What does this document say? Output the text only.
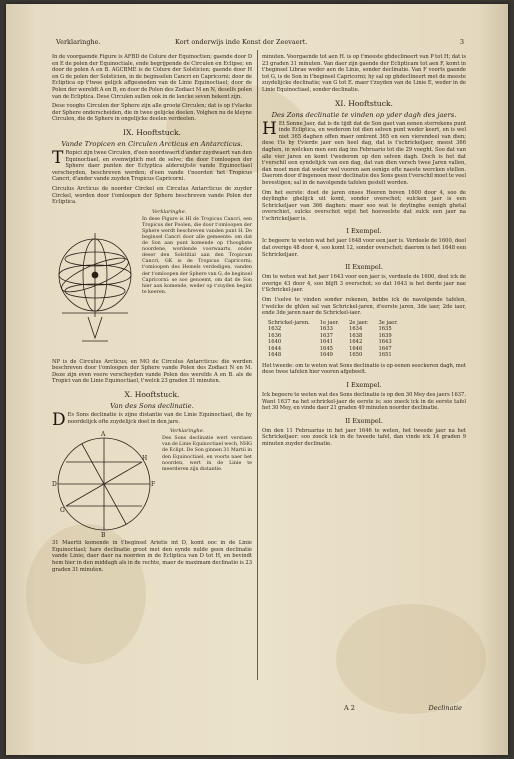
Verklaringhe.	Kort onderwijs inde Konst der Zeevaert.	3

In de voorgaende Figure is AFBD de Colure der Equinoctien; gaende door D en E de polen der Equinoctiale, ende begrijpende de Circulen en Eclipse; en door de polen A en B. AGCBME is de Colure der Solsticien; gaende door H en G de polen der Solsticien, in de beginselen Cancri en Capricorni; door de Ecliptica op t'twee gelijck affgesneden van de Linie Equinoctiael; door de Polen der wereldt A en B, en door de Polen des Zodiaci M en N, deselfs polen van de Ecliptica. Dese Circulen sullen ook in de lancke seven bekent zijn.

Dese vooghs Circulen der Sphere zijn alle groote Circulen; dat is op t'vlacke der Sphere onderscheiden, die in twee gelijcke deelen. Volghen nu de kleyne Circulen, die de Sphere in ongelijcke deelen verdeelen.

IX. Hooftstuck.
Vande Tropicen en Circulen Arcticus en Antarcticus.

T Ropici zijn twee Circulen, d'een noordwaert d'ander zuydwaert van den Equinoctiael, en evenwijdich met de selve; die door t'omloopen der Sphere daer punten der Eclyptica alderuijtste vande Equinoctiael verscheyden, beschreven werden; d'een vande t'noorden het Tropicus Cancri, d'ander vande zuyden Tropicus Capricorni.

Circulus Arcticus de noorder Circkel en Circulus Antarcticus de zuyder Circkel, worden door t'omloopen der Sphere beschreven vande Polen der Ecliptica.

Verklaringhe.

In dese Figure is HI de Tropicus Cancri, een Tropicus der Poolen, die door t'omloopen der Sphere werdt beschreven vanden punt H. De beginsel Cancri door alle gemeente: om dat de Son aan punt komende op t'hooghste noordene, wordende voorwaarts, onder deser den Solstitial aan den Tropicum Cancri, GK is de Tropicus Capricorni; t'omloopen des Hemels verdedigen, vanden der t'omloopen der Sphere van G, de beginsel Capricorni: se soo genoemt, om dat de Son hier aan komende, weder op t'zuyden begint te keeren.

NP is de Circulus Arcticus; en MO de Circulus Antarcticus: die werden beschreven door t'omloopen der Sphere vande Polen des Zodiaci N en M. Deze zijn even veere verscheyden vande Polen des werelds A en B. als de Tropici van de Linie Equinoctiael, t'welck 23 graden 31 minuten.

X. Hooftstuck.
Van des Sons declinatie.

D Es Sons declinatie is zijne distantie van de Linie Equinoctiael, die hy noordelijck ofte zuydelijck doet in den jare.

A
B
D	F
H
G
Verklaringhe.

Des Sons declinatie wert verstaen van de Linie Equinoctiael wech, NHG de Eclipt. De Son ginnen 31 Martii in den Equinoctiael, en voorts naer het noorden, wert in de Linie te meerderen zijn distantie.

31 Maertii komende in t'beginsel Arietis int D, komt ooc in de Linie Equinoctiael; hare declinatie groot met den eynde nulde geen declinatie vande Linie; daer daer na noorden in de Ecliptica van D tot H, en bevindt hem hier in den middagh als in de rechte, maer de maximam declinatio is 23 graden 31 minuten.

minuten. Voorgaende tot aen H. is op t'meeste ghdeclineert van P tot H; dat is 23 graden 31 minuten. Van daer zijn gaende der Eclipticam tot aen F, komt in t'beginsel Librae weder aen de Linie, sonder declinatie. Van F voorts gaende tot G, is de Son in t'beginsel Capricorni; hy sal op ghdeclineert met de meeste zuydelijcke declinatie; van G tot E. maer t'zuyden van de Linie E, weder in de Linie Equinoctiael, sonder declinatie.

XI. Hooftstuck.
Des Zons declinatie te vinden op yder dagh des jaers.

H Et Sonne Jaer, dat is de tijdt dat de Son gaet van eenen sterrekens punt inde Ecliptica, en wederom tot dien selven punt weder keert, en is wel niet 365 daghen offen maer omtrent 365 en een vierendeel van dien; dese t'is by t'vierde jaer een heel dag, dat is t'schrickeljaer, meest 366 daghen, in welcken men een dag ins Februario tot die 29 voeght. Soo dat van alle vier jaren en komt t'wederom op den selven dagh. Doch is het dat t'verschil een eyndelijck van een dag, dat van dien versch twee Jaren vallen, dan moet men dat weder wel vooren aen eenige ofte naeste wercken stellen. Daerom door d'ingenoen meer declinatie des Sons geen t'verschil moet te veel bevestigen; sal in de navolgende tafelen gestelt worden.

Om het eerste: doet de jaren onses Heeren boven 1600 door 4, soo de deylinghe ghelijck uit komt, sonder overschot; sulcken jaer is een Schrickeljaer van 366 daghen: maer soo wat te deylinghe eenigh ghetal overschiet, sulcks overschot wijst het hoeveelste dat sulck een jaer na t'schrickeljaer is.

I Exempel.

Ic begeere te weten wat het jaer 1648 voor een jaer is. Verdeele de 1600, deel dat overige 48 door 4, soo komt 12, sonder overschot; daerom is het 1648 een Schrickeljaer.

II Exempel.

Om te weten wat het jaer 1643 voor een jaer is, verdeele de 1600, deel ick de overige 43 door 4, soo blijft 3 overschot; so dat 1643 is het derde jaer nae t'Schrickel-jaer.

Om t'selve te vinden sonder rekenen, hebbe ick de navolgende tafelen, t'welcke de ghlen sal van Schrickel-jaren, d'eerste jaren, 3de iaer, 2de iaer, ende 3de jaren naer de Schrickel-iaer.

Schrickel-jaren.	1e jaer.	2e jaer.	3e jaer.
1632	1633	1634	1635
1636	1637	1638	1639
1640	1641	1642	1643
1644	1645	1646	1647
1648	1649	1650	1651

Het tweede: om te weten wat Sons declinatie is op eenen seeckeren dagh, met dese twee tafelen hier vooren afgebeelt.

I Exempel.

Ick begeere te weten wat des Sons declinatie is op den 30 Mey des jaers 1637. Want 1637 na het schrickel-jaer de eerste is; soo zoeck ick in de eerste tafel het 30 Mey, en vinde daer 21 graden 49 minuten noorder declinatie.

II Exempel.

Om den 11 Februarius in het jaer 1646 te weten, het tweede jaer na het Schrickeljaer: soo zoeck ick in de tweede tafel, dan vinde ick 14 graden 9 minuten zuyder declinatie.

A 2	Declinatie
